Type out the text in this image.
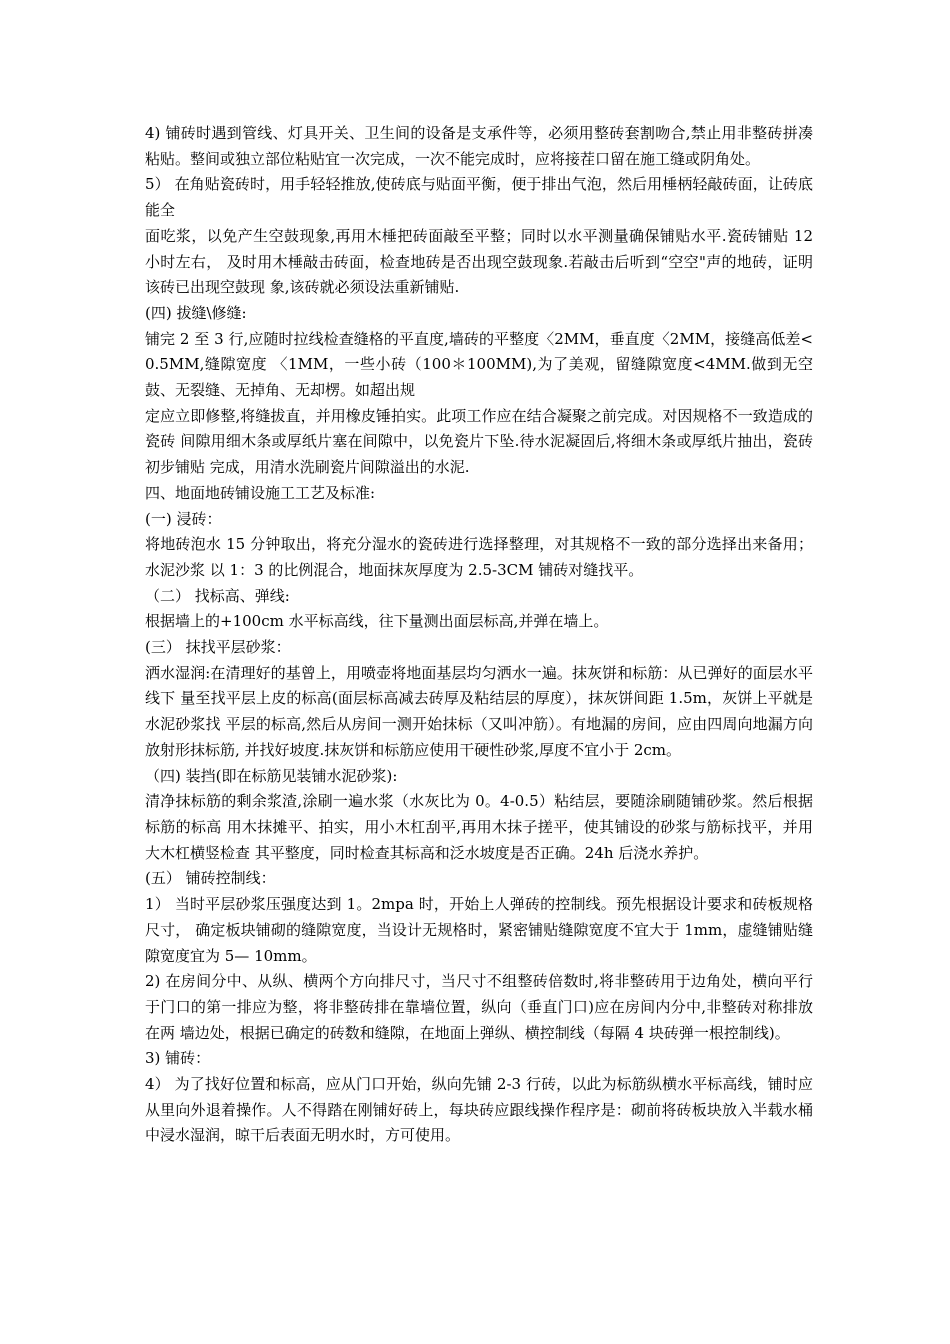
4) 铺砖时遇到管线、灯具开关、卫生间的设备是支承件等，必须用整砖套割吻合,禁止用非整砖拼凑 粘贴。整间或独立部位粘贴宜一次完成，一次不能完成时，应将接茬口留在施工缝或阴角处。

5） 在角贴瓷砖时，用手轻轻推放,使砖底与贴面平衡，便于排出气泡，然后用棰柄轻敲砖面，让砖底能全

面吃浆，以免产生空鼓现象,再用木棰把砖面敲至平整；同时以水平测量确保铺贴水平.瓷砖铺贴 12 小时左右， 及时用木棰敲击砖面，检查地砖是否出现空鼓现象.若敲击后听到“空空"声的地砖，证明该砖已出现空鼓现 象,该砖就必须设法重新铺贴.

(四) 拔缝\修缝:

铺完 2 至 3 行,应随时拉线检查缝格的平直度,墙砖的平整度〈2MM，垂直度〈2MM，接缝高低差<0.5MM,缝隙宽度 〈1MM，一些小砖（100＊100MM),为了美观，留缝隙宽度<4MM.做到无空鼓、无裂缝、无掉角、无却楞。如超出规

定应立即修整,将缝拔直，并用橡皮锤拍实。此项工作应在结合凝聚之前完成。对因规格不一致造成的瓷砖 间隙用细木条或厚纸片塞在间隙中，以免瓷片下坠.待水泥凝固后,将细木条或厚纸片抽出，瓷砖初步铺贴 完成，用清水洗刷瓷片间隙溢出的水泥.

四、地面地砖铺设施工工艺及标准:

(一) 浸砖：

将地砖泡水 15 分钟取出，将充分湿水的瓷砖进行选择整理，对其规格不一致的部分选择出来备用；水泥沙浆 以 1：3 的比例混合，地面抹灰厚度为 2.5-3CM 铺砖对缝找平。

（二） 找标高、弹线:

根据墙上的+100cm 水平标高线，往下量测出面层标高,并弹在墙上。

(三） 抹找平层砂浆：

洒水湿润:在清理好的基曾上，用喷壶将地面基层均匀洒水一遍。抹灰饼和标筋：从已弹好的面层水平线下 量至找平层上皮的标高(面层标高减去砖厚及粘结层的厚度），抹灰饼间距 1.5m，灰饼上平就是水泥砂浆找 平层的标高,然后从房间一测开始抹标（又叫冲筋）。有地漏的房间，应由四周向地漏方向放射形抹标筋, 并找好坡度.抹灰饼和标筋应使用干硬性砂浆,厚度不宜小于 2cm。

（四) 装挡(即在标筋见装铺水泥砂浆):

清净抹标筋的剩余浆渣,涂刷一遍水浆（水灰比为 0。4-0.5）粘结层，要随涂刷随铺砂浆。然后根据标筋的标高 用木抹摊平、拍实，用小木杠刮平,再用木抹子搓平，使其铺设的砂浆与筋标找平，并用大木杠横竖检查 其平整度，同时检查其标高和泛水坡度是否正确。24h 后浇水养护。

(五） 铺砖控制线：

1） 当时平层砂浆压强度达到 1。2mpa 时，开始上人弹砖的控制线。预先根据设计要求和砖板规格尺寸， 确定板块铺砌的缝隙宽度，当设计无规格时，紧密铺贴缝隙宽度不宜大于 1mm，虚缝铺贴缝隙宽度宜为 5— 10mm。

2) 在房间分中、从纵、横两个方向排尺寸，当尺寸不组整砖倍数时,将非整砖用于边角处，横向平行 于门口的第一排应为整，将非整砖排在靠墙位置，纵向（垂直门口)应在房间内分中,非整砖对称排放在两 墙边处，根据已确定的砖数和缝隙，在地面上弹纵、横控制线（每隔 4 块砖弹一根控制线)。

3) 铺砖：

4） 为了找好位置和标高，应从门口开始，纵向先铺 2-3 行砖，以此为标筋纵横水平标高线，铺时应从里向外退着操作。人不得踏在刚铺好砖上，每块砖应跟线操作程序是：砌前将砖板块放入半载水桶中浸水湿润，晾干后表面无明水时，方可使用。
